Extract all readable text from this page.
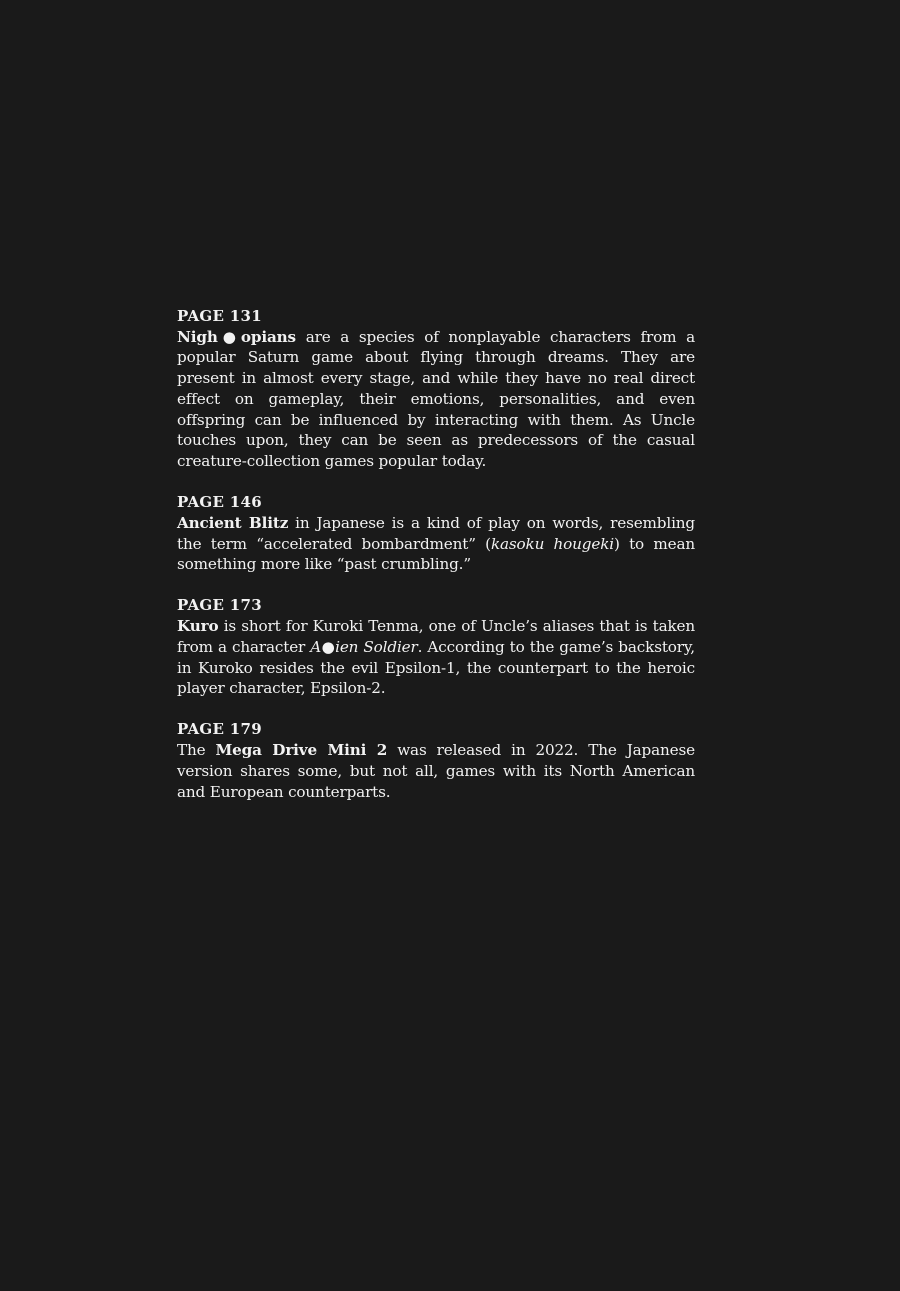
PAGE 131
Nigh●opians are a species of nonplayable characters from a popular Saturn game about flying through dreams. They are present in almost every stage, and while they have no real direct effect on gameplay, their emotions, personalities, and even offspring can be influenced by interacting with them. As Uncle touches upon, they can be seen as predecessors of the casual creature-collection games popular today.
PAGE 146
Ancient Blitz in Japanese is a kind of play on words, resembling the term “accelerated bombardment” (kasoku hougeki) to mean something more like “past crumbling.”
PAGE 173
Kuro is short for Kuroki Tenma, one of Uncle’s aliases that is taken from a character A●ien Soldier. According to the game’s backstory, in Kuroko resides the evil Epsilon-1, the counterpart to the heroic player character, Epsilon-2.
PAGE 179
The Mega Drive Mini 2 was released in 2022. The Japanese version shares some, but not all, games with its North American and European counterparts.
